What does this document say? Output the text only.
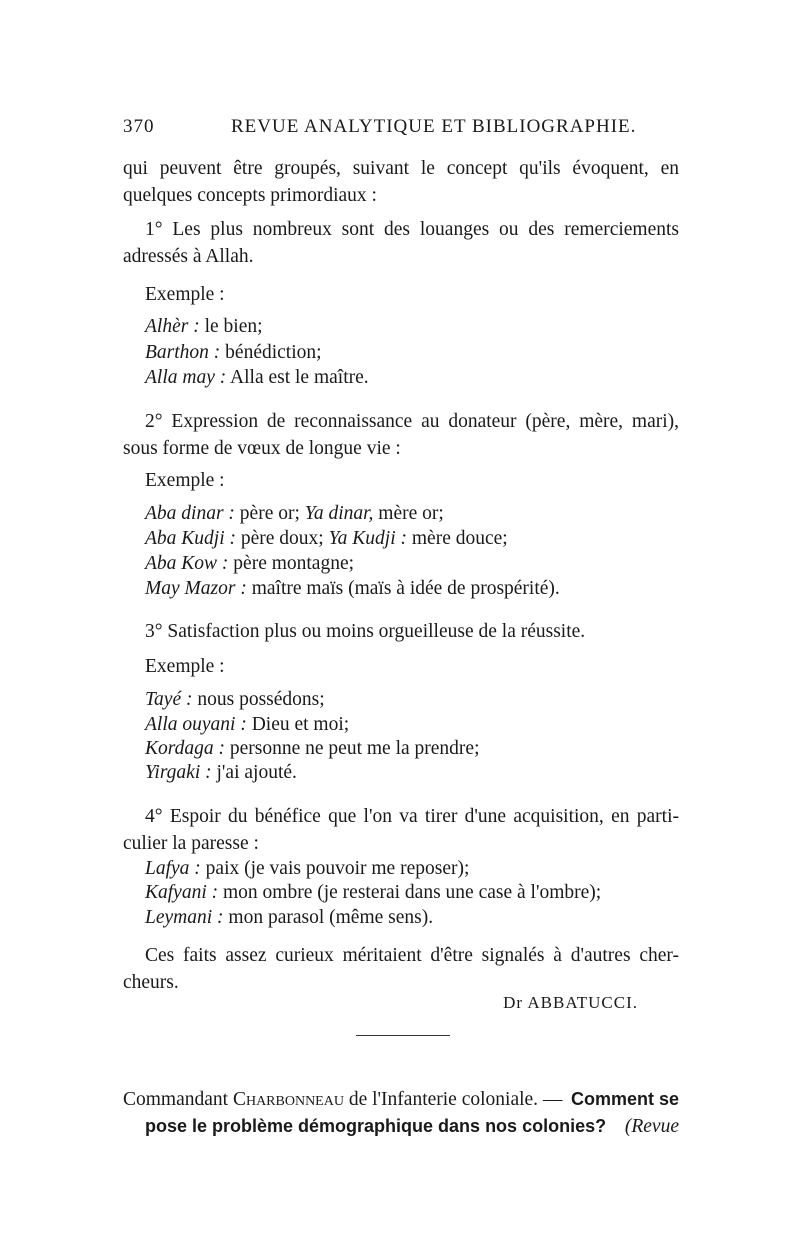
370	REVUE ANALYTIQUE ET BIBLIOGRAPHIE.
qui peuvent être groupés, suivant le concept qu'ils évoquent, en
quelques concepts primordiaux :
1° Les plus nombreux sont des louanges ou des remerciements
adressés à Allah.
Exemple :
Alhèr : le bien;
Barthon : bénédiction;
Alla may : Alla est le maître.
2° Expression de reconnaissance au donateur (père, mère, mari),
sous forme de vœux de longue vie :
Exemple :
Aba dinar : père or; Ya dinar, mère or;
Aba Kudji : père doux; Ya Kudji : mère douce;
Aba Kow : père montagne;
May Mazor : maître maïs (maïs à idée de prospérité).
3° Satisfaction plus ou moins orgueilleuse de la réussite.
Exemple :
Tayé : nous possédons;
Alla ouyani : Dieu et moi;
Kordaga : personne ne peut me la prendre;
Yirgaki : j'ai ajouté.
4° Espoir du bénéfice que l'on va tirer d'une acquisition, en parti-
culier la paresse :
Lafya : paix (je vais pouvoir me reposer);
Kafyani : mon ombre (je resterai dans une case à l'ombre);
Leymani : mon parasol (même sens).
Ces faits assez curieux méritaient d'être signalés à d'autres cher-
cheurs.
Dr ABBATUCCI.
Commandant Charbonneau de l'Infanterie coloniale. — Comment se
pose le problème démographique dans nos colonies? (Revue
